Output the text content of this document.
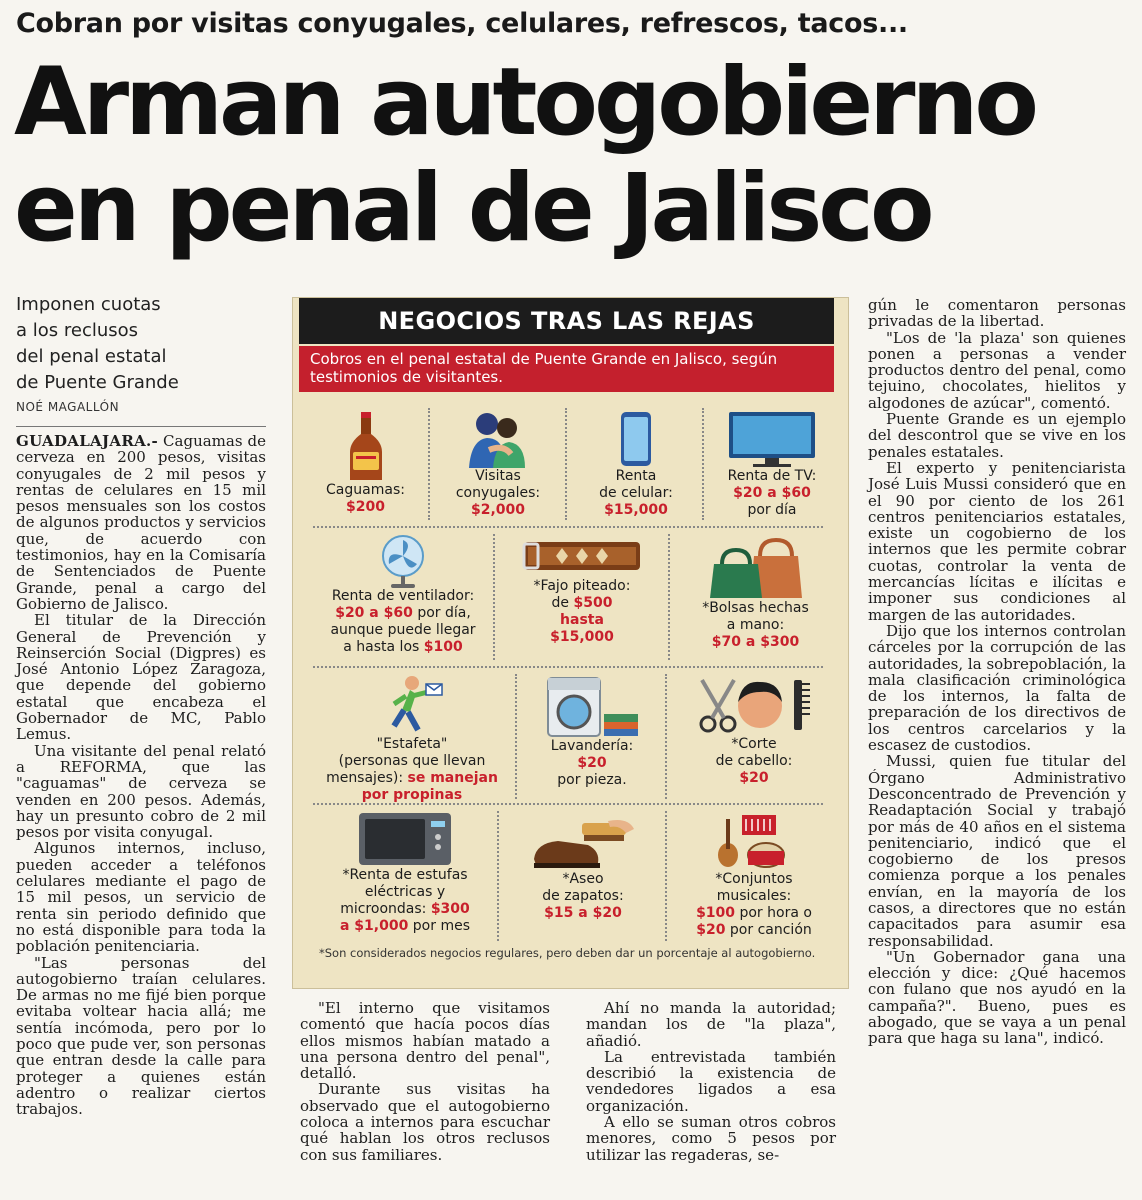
Cobran por visitas conyugales, celulares, refrescos, tacos...
Arman autogobierno
en penal de Jalisco
Imponen cuotas
a los reclusos
del penal estatal
de Puente Grande
NOÉ MAGALLÓN

GUADALAJARA.- Caguamas de cerveza en 200 pesos, visitas conyugales de 2 mil pesos y rentas de celulares en 15 mil pesos mensuales son los costos de algunos productos y servicios que, de acuerdo con testimonios, hay en la Comisaría de Sentenciados de Puente Grande, penal a cargo del Gobierno de Jalisco.

El titular de la Dirección General de Prevención y Reinserción Social (Digpres) es José Antonio López Zaragoza, que depende del gobierno estatal que encabeza el Gobernador de MC, Pablo Lemus.

Una visitante del penal relató a REFORMA, que las "caguamas" de cerveza se venden en 200 pesos. Además, hay un presunto cobro de 2 mil pesos por visita conyugal.

Algunos internos, incluso, pueden acceder a teléfonos celulares mediante el pago de 15 mil pesos, un servicio de renta sin periodo definido que no está disponible para toda la población penitenciaria.

"Las personas del autogobierno traían celulares. De armas no me fijé bien porque evitaba voltear hacia allá; me sentía incómoda, pero por lo poco que pude ver, son personas que entran desde la calle para proteger a quienes están adentro o realizar ciertos trabajos.

NEGOCIOS TRAS LAS REJAS
Cobros en el penal estatal de Puente Grande en Jalisco, según testimonios de visitantes.
Caguamas:
$200
Visitas
conyugales:
$2,000
Renta
de celular:
$15,000
Renta de TV:
$20 a $60
por día
Renta de ventilador:
$20 a $60 por día,
aunque puede llegar
a hasta los $100
*Fajo piteado:
de $500
hasta
$15,000
*Bolsas hechas
a mano:
$70 a $300
"Estafeta"
(personas que llevan
mensajes): se manejan
por propinas
Lavandería:
$20
por pieza.
*Corte
de cabello:
$20
*Renta de estufas
eléctricas y
microondas: $300
a $1,000 por mes
*Aseo
de zapatos:
$15 a $20
*Conjuntos
musicales:
$100 por hora o
$20 por canción
*Son considerados negocios regulares, pero deben dar un porcentaje al autogobierno.

"El interno que visitamos comentó que hacía pocos días ellos mismos habían matado a una persona dentro del penal", detalló.

Durante sus visitas ha observado que el autogobierno coloca a internos para escuchar qué hablan los otros reclusos con sus familiares.

Ahí no manda la autoridad; mandan los de "la plaza", añadió.

La entrevistada también describió la existencia de vendedores ligados a esa organización.

A ello se suman otros cobros menores, como 5 pesos por utilizar las regaderas, se-

gún le comentaron personas privadas de la libertad.

"Los de 'la plaza' son quienes ponen a personas a vender productos dentro del penal, como tejuino, chocolates, hielitos y algodones de azúcar", comentó.

Puente Grande es un ejemplo del descontrol que se vive en los penales estatales.

El experto y penitenciarista José Luis Mussi consideró que en el 90 por ciento de los 261 centros penitenciarios estatales, existe un cogobierno de los internos que les permite cobrar cuotas, controlar la venta de mercancías lícitas e ilícitas e imponer sus condiciones al margen de las autoridades.

Dijo que los internos controlan cárceles por la corrupción de las autoridades, la sobrepoblación, la mala clasificación criminológica de los internos, la falta de preparación de los directivos de los centros carcelarios y la escasez de custodios.

Mussi, quien fue titular del Órgano Administrativo Desconcentrado de Prevención y Readaptación Social y trabajó por más de 40 años en el sistema penitenciario, indicó que el cogobierno de los presos comienza porque a los penales envían, en la mayoría de los casos, a directores que no están capacitados para asumir esa responsabilidad.

"Un Gobernador gana una elección y dice: ¿Qué hacemos con fulano que nos ayudó en la campaña?". Bueno, pues es abogado, que se vaya a un penal para que haga su lana", indicó.
